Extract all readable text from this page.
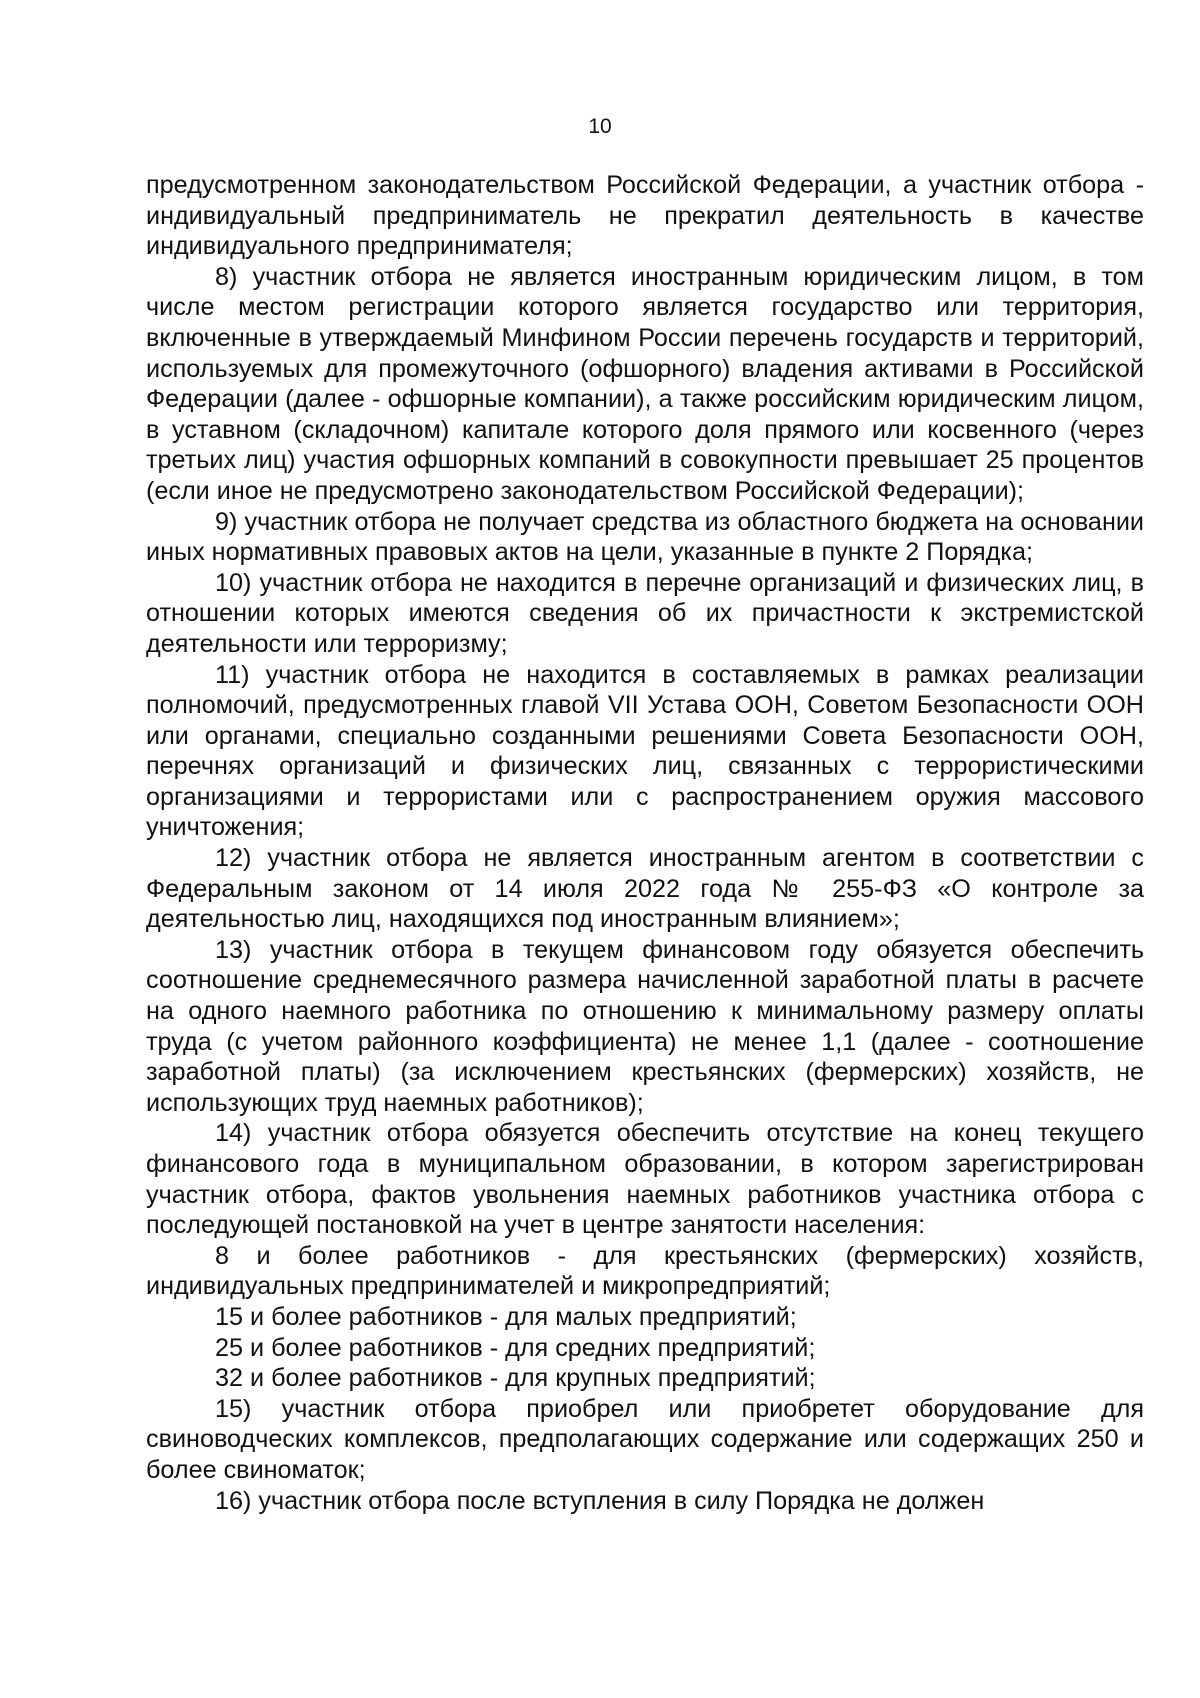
10

предусмотренном законодательством Российской Федерации, а участник отбора - индивидуальный предприниматель не прекратил деятельность в качестве индивидуального предпринимателя;

8) участник отбора не является иностранным юридическим лицом, в том числе местом регистрации которого является государство или территория, включенные в утверждаемый Минфином России перечень государств и территорий, используемых для промежуточного (офшорного) владения активами в Российской Федерации (далее - офшорные компании), а также российским юридическим лицом, в уставном (складочном) капитале которого доля прямого или косвенного (через третьих лиц) участия офшорных компаний в совокупности превышает 25 процентов (если иное не предусмотрено законодательством Российской Федерации);

9) участник отбора не получает средства из областного бюджета на основании иных нормативных правовых актов на цели, указанные в пункте 2 Порядка;

10) участник отбора не находится в перечне организаций и физических лиц, в отношении которых имеются сведения об их причастности к экстремистской деятельности или терроризму;

11) участник отбора не находится в составляемых в рамках реализации полномочий, предусмотренных главой VII Устава ООН, Советом Безопасности ООН или органами, специально созданными решениями Совета Безопасности ООН, перечнях организаций и физических лиц, связанных с террористическими организациями и террористами или с распространением оружия массового уничтожения;

12) участник отбора не является иностранным агентом в соответствии с Федеральным законом от 14 июля 2022 года № 255-ФЗ «О контроле за деятельностью лиц, находящихся под иностранным влиянием»;

13) участник отбора в текущем финансовом году обязуется обеспечить соотношение среднемесячного размера начисленной заработной платы в расчете на одного наемного работника по отношению к минимальному размеру оплаты труда (с учетом районного коэффициента) не менее 1,1 (далее - соотношение заработной платы) (за исключением крестьянских (фермерских) хозяйств, не использующих труд наемных работников);

14) участник отбора обязуется обеспечить отсутствие на конец текущего финансового года в муниципальном образовании, в котором зарегистрирован участник отбора, фактов увольнения наемных работников участника отбора с последующей постановкой на учет в центре занятости населения:

8 и более работников - для крестьянских (фермерских) хозяйств, индивидуальных предпринимателей и микропредприятий;

15 и более работников - для малых предприятий;

25 и более работников - для средних предприятий;

32 и более работников - для крупных предприятий;

15) участник отбора приобрел или приобретет оборудование для свиноводческих комплексов, предполагающих содержание или содержащих 250 и более свиноматок;

16) участник отбора после вступления в силу Порядка не должен
